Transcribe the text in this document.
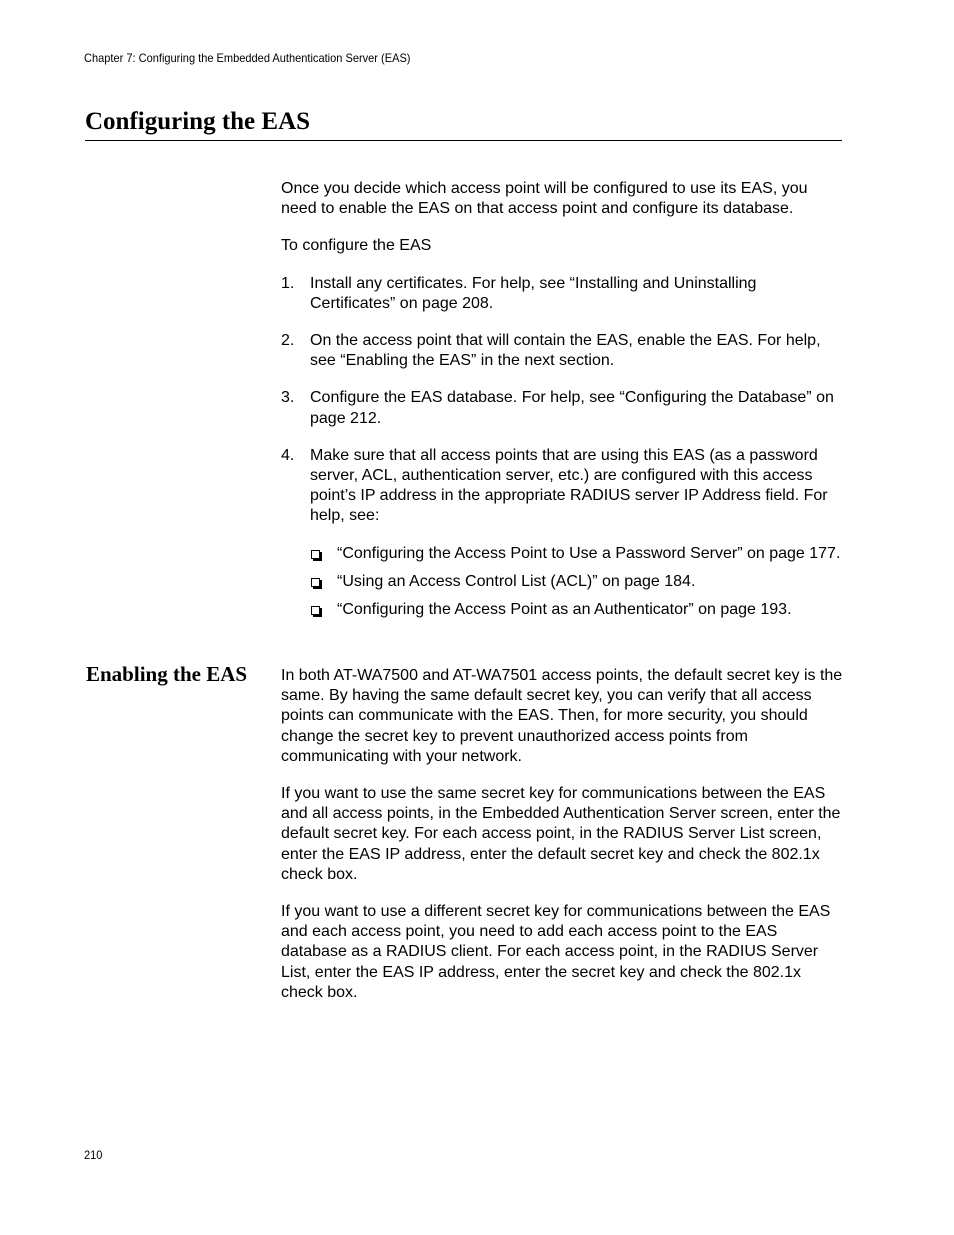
Chapter 7: Configuring the Embedded Authentication Server (EAS)
Configuring the EAS

Once you decide which access point will be configured to use its EAS, you need to enable the EAS on that access point and configure its database.

To configure the EAS

1. Install any certificates. For help, see “Installing and Uninstalling Certificates” on page 208.
2. On the access point that will contain the EAS, enable the EAS. For help, see “Enabling the EAS” in the next section.
3. Configure the EAS database. For help, see “Configuring the Database” on page 212.
4. Make sure that all access points that are using this EAS (as a password server, ACL, authentication server, etc.) are configured with this access point’s IP address in the appropriate RADIUS server IP Address field. For help, see:
“Configuring the Access Point to Use a Password Server” on page 177.
“Using an Access Control List (ACL)” on page 184.
“Configuring the Access Point as an Authenticator” on page 193.
Enabling the EAS In both AT-WA7500 and AT-WA7501 access points, the default secret key is the same. By having the same default secret key, you can verify that all access points can communicate with the EAS. Then, for more security, you should change the secret key to prevent unauthorized access points from communicating with your network.

If you want to use the same secret key for communications between the EAS and all access points, in the Embedded Authentication Server screen, enter the default secret key. For each access point, in the RADIUS Server List screen, enter the EAS IP address, enter the default secret key and check the 802.1x check box.

If you want to use a different secret key for communications between the EAS and each access point, you need to add each access point to the EAS database as a RADIUS client. For each access point, in the RADIUS Server List, enter the EAS IP address, enter the secret key and check the 802.1x check box.

210
